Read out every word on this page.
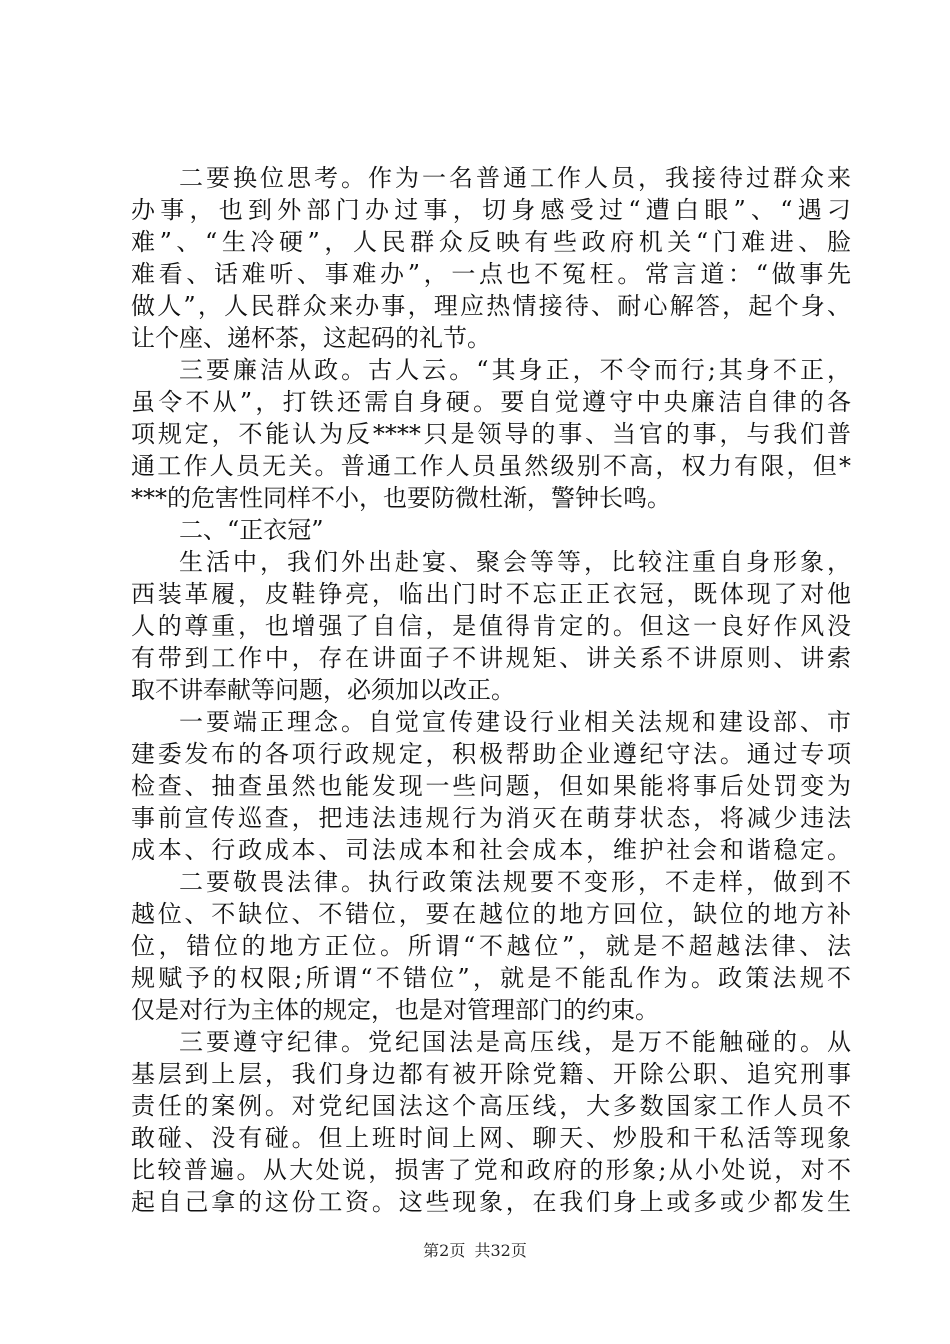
二要换位思考。作为一名普通工作人员，我接待过群众来
办事，也到外部门办过事，切身感受过“遭白眼”、“遇刁
难”、“生冷硬”，人民群众反映有些政府机关“门难进、脸
难看、话难听、事难办”，一点也不冤枉。常言道：“做事先
做人”，人民群众来办事，理应热情接待、耐心解答，起个身、
让个座、递杯茶，这起码的礼节。
三要廉洁从政。古人云。“其身正，不令而行;其身不正，
虽令不从”，打铁还需自身硬。要自觉遵守中央廉洁自律的各
项规定，不能认为反****只是领导的事、当官的事，与我们普
通工作人员无关。普通工作人员虽然级别不高，权力有限，但*
***的危害性同样不小，也要防微杜渐，警钟长鸣。
二、“正衣冠”
生活中，我们外出赴宴、聚会等等，比较注重自身形象，
西装革履，皮鞋铮亮，临出门时不忘正正衣冠，既体现了对他
人的尊重，也增强了自信，是值得肯定的。但这一良好作风没
有带到工作中，存在讲面子不讲规矩、讲关系不讲原则、讲索
取不讲奉献等问题，必须加以改正。
一要端正理念。自觉宣传建设行业相关法规和建设部、市
建委发布的各项行政规定，积极帮助企业遵纪守法。通过专项
检查、抽查虽然也能发现一些问题，但如果能将事后处罚变为
事前宣传巡查，把违法违规行为消灭在萌芽状态，将减少违法
成本、行政成本、司法成本和社会成本，维护社会和谐稳定。
二要敬畏法律。执行政策法规要不变形，不走样，做到不
越位、不缺位、不错位，要在越位的地方回位，缺位的地方补
位，错位的地方正位。所谓“不越位”，就是不超越法律、法
规赋予的权限;所谓“不错位”，就是不能乱作为。政策法规不
仅是对行为主体的规定，也是对管理部门的约束。
三要遵守纪律。党纪国法是高压线，是万不能触碰的。从
基层到上层，我们身边都有被开除党籍、开除公职、追究刑事
责任的案例。对党纪国法这个高压线，大多数国家工作人员不
敢碰、没有碰。但上班时间上网、聊天、炒股和干私活等现象
比较普遍。从大处说，损害了党和政府的形象;从小处说，对不
起自己拿的这份工资。这些现象，在我们身上或多或少都发生
第2页 共32页
